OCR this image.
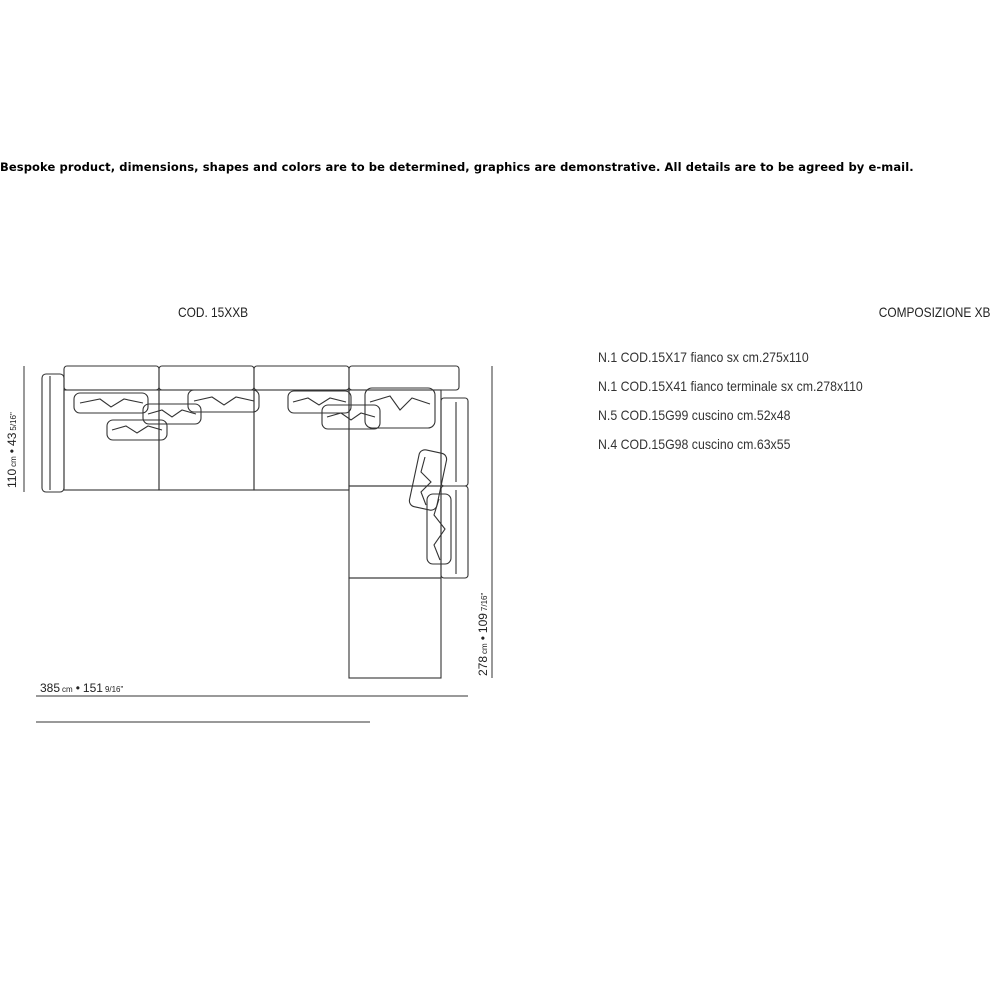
Bespoke product, dimensions, shapes and colors are to be determined, graphics are demonstrative. All details are to be agreed by e-mail.
COD. 15XXB	COMPOSIZIONE XB
N.1 COD.15X17 fianco sx cm.275x110
N.1 COD.15X41 fianco terminale sx cm.278x110
N.5 COD.15G99 cuscino cm.52x48
N.4 COD.15G98 cuscino cm.63x55
110cm•435/16"
278cm•1097/16"
385 cm • 151 9/16"
